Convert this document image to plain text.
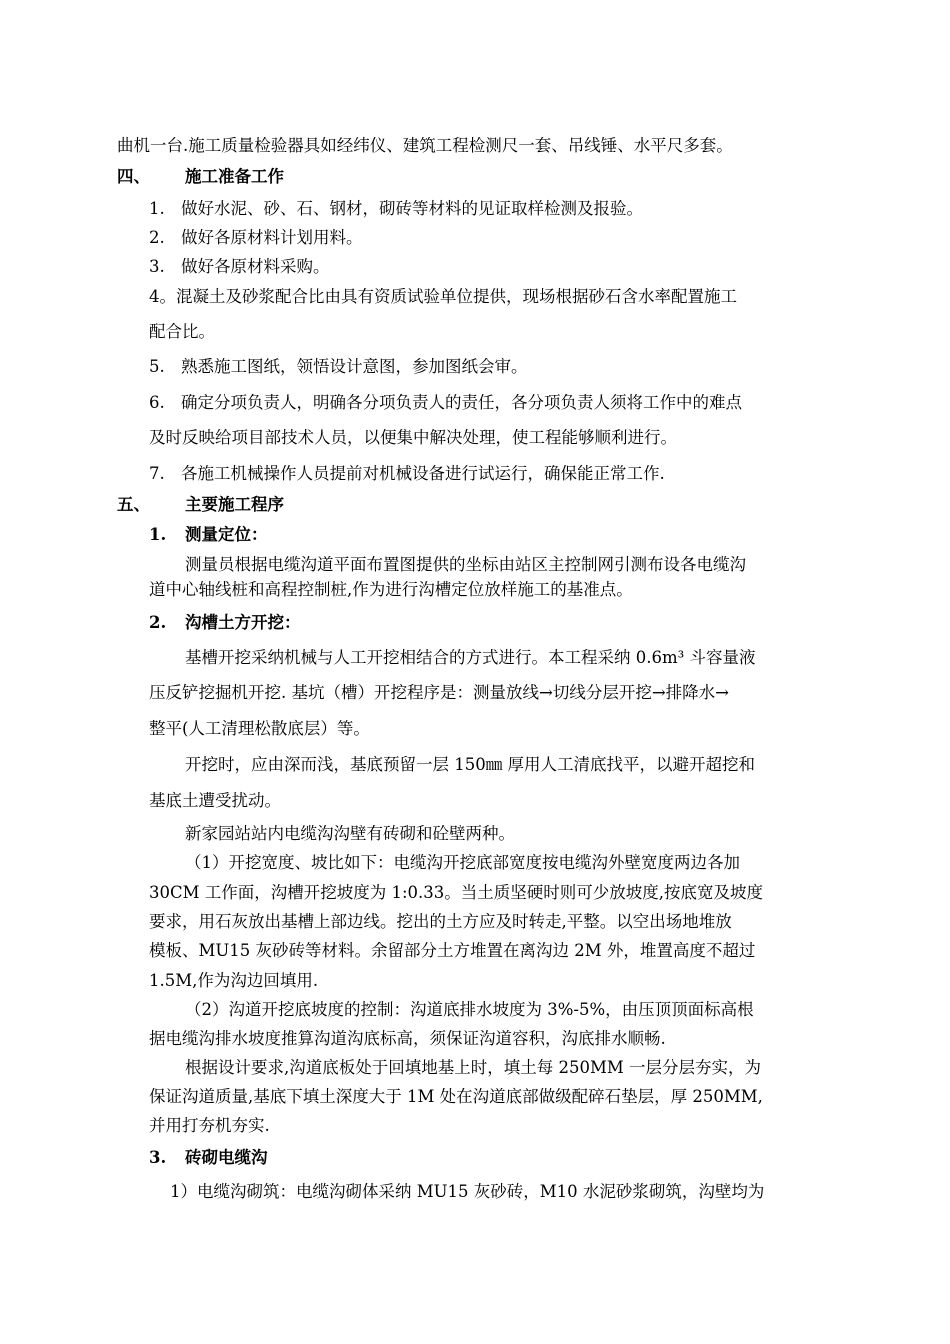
曲机一台.施工质量检验器具如经纬仪、建筑工程检测尺一套、吊线锤、水平尺多套。
四、 施工准备工作
1. 做好水泥、砂、石、钢材，砌砖等材料的见证取样检测及报验。
2. 做好各原材料计划用料。
3. 做好各原材料采购。
4。混凝土及砂浆配合比由具有资质试验单位提供，现场根据砂石含水率配置施工
配合比。
5. 熟悉施工图纸，领悟设计意图，参加图纸会审。
6. 确定分项负责人，明确各分项负责人的责任，各分项负责人须将工作中的难点
及时反映给项目部技术人员，以便集中解决处理，使工程能够顺利进行。
7. 各施工机械操作人员提前对机械设备进行试运行，确保能正常工作.
五、 主要施工程序
1. 测量定位：
测量员根据电缆沟道平面布置图提供的坐标由站区主控制网引测布设各电缆沟
道中心轴线桩和高程控制桩,作为进行沟槽定位放样施工的基准点。
2. 沟槽土方开挖：
基槽开挖采纳机械与人工开挖相结合的方式进行。本工程采纳 0.6m³ 斗容量液
压反铲挖掘机开挖. 基坑（槽）开挖程序是：测量放线→切线分层开挖→排降水→
整平(人工清理松散底层）等。
开挖时，应由深而浅，基底预留一层 150㎜ 厚用人工清底找平，以避开超挖和
基底土遭受扰动。
新家园站站内电缆沟沟壁有砖砌和砼壁两种。
（1）开挖宽度、坡比如下：电缆沟开挖底部宽度按电缆沟外壁宽度两边各加
30CM 工作面，沟槽开挖坡度为 1:0.33。当土质坚硬时则可少放坡度,按底宽及坡度
要求，用石灰放出基槽上部边线。挖出的土方应及时转走,平整。以空出场地堆放
模板、MU15 灰砂砖等材料。余留部分土方堆置在离沟边 2M 外，堆置高度不超过
1.5M,作为沟边回填用.
（2）沟道开挖底坡度的控制：沟道底排水坡度为 3%-5%，由压顶顶面标高根
据电缆沟排水坡度推算沟道沟底标高，须保证沟道容积，沟底排水顺畅.
根据设计要求,沟道底板处于回填地基上时，填土每 250MM 一层分层夯实，为
保证沟道质量,基底下填土深度大于 1M 处在沟道底部做级配碎石垫层，厚 250MM,
并用打夯机夯实.
3. 砖砌电缆沟
1）电缆沟砌筑：电缆沟砌体采纳 MU15 灰砂砖，M10 水泥砂浆砌筑，沟壁均为
